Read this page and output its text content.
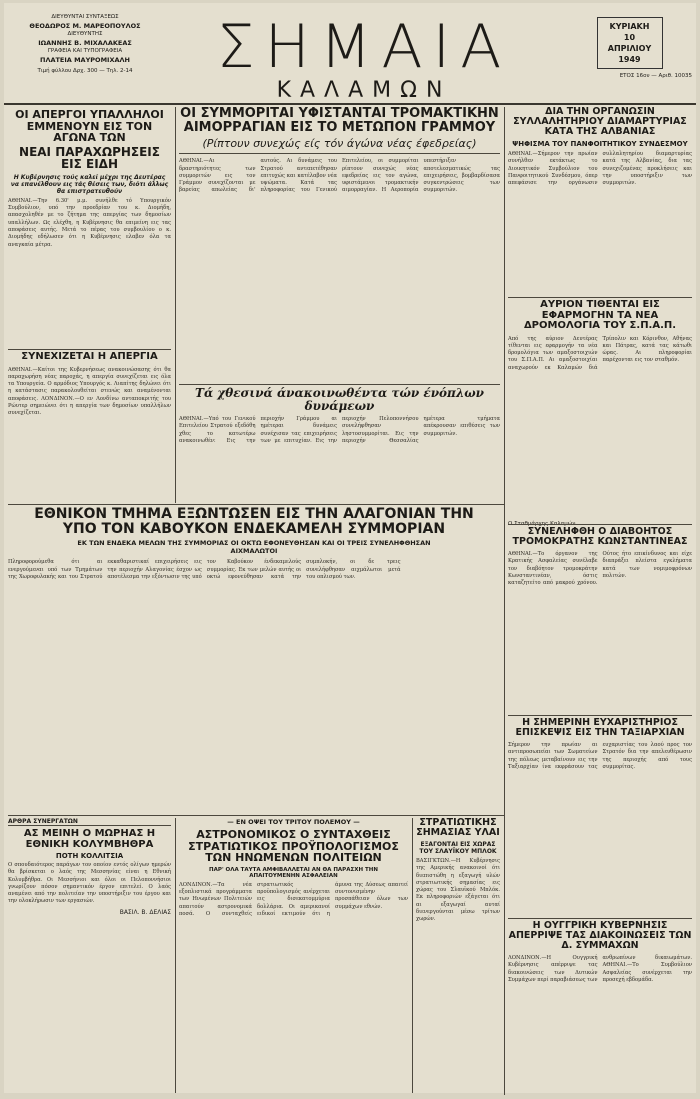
ΔΙΕΥΘΥΝΤΑΙ ΣΥΝΤΑΞΕΩΣ
ΘΕΟΔΩΡΟΣ Μ. ΜΑΡΕΟΠΟΥΛΟΣ
ΔΙΕΥΘΥΝΤΗΣ
ΙΩΑΝΝΗΣ Β. ΜΙΧΑΛΑΚΕΑΣ
ΓΡΑΦΕΙΑ ΚΑΙ ΤΥΠΟΓΡΑΦΕΙΑ
ΠΛΑΤΕΙΑ ΜΑΥΡΟΜΙΧΑΛΗ
Τιμή φύλλου Δρχ. 300 — Τηλ. 2-14	ΣΗΜΑΙΑ
ΚΑΛΑΜΩΝ
ΚΥΡΙΑΚΗ
10
ΑΠΡΙΛΙΟΥ
1949
ΕΤΟΣ 16ον — Αριθ. 10035
ΟΙ ΑΠΕΡΓΟΙ ΥΠΑΛΛΗΛΟΙ ΕΜΜΕΝΟΥΝ ΕΙΣ ΤΟΝ ΑΓΩΝΑ ΤΩΝ
ΝΕΑΙ ΠΑΡΑΧΩΡΗΣΕΙΣ ΕΙΣ ΕΙΔΗ
Η Κυβέρνησις τούς καλεί μέχρι της Δευτέρας να επανέλθουν εις τάς θέσεις των, διότι άλλως θα επιστρατευθούν
ΑΘΗΝΑΙ.—Την 6.30' μ.μ. συνήλθε τό Υπουργικόν Συμβούλιον, υπό την προεδρίαν του κ. Διομήδη, απασχοληθέν με το ζήτημα της απεργίας των δημοσίων υπαλλήλων. Ως ελέχθη, η Κυβέρνησις θα επιμείνη εις τας αποφάσεις αυτής. Μετά το πέρας του συμβουλίου ο κ. Διομήδης εδήλωσεν ότι η Κυβέρνησις ελαβεν όλα τα αναγκαία μέτρα.
ΣΥΝΕΧΙΖΕΤΑΙ Η ΑΠΕΡΓΙΑ
ΑΘΗΝΑΙ.—Καίτοι της Κυβερνήσεως ανακοινώσασης ότι θα παραχωρήση νέας παροχάς, η απεργία συνεχίζεται εις όλα τα Υπουργεία. Ο αρμόδιος Υπουργός κ. Λιαπίτης δηλώνει ότι η κατάστασις παρακολουθείται στενώς και αναμένονται αποφάσεις. ΛΟΝΔΙΝΟΝ.—Ο εν Λονδίνω ανταποκριτής του Ρώυτερ σημειώνει ότι η απεργία των δημοσίων υπαλλήλων συνεχίζεται.
ΟΙ ΣΥΜΜΟΡΙΤΑΙ ΥΦΙΣΤΑΝΤΑΙ ΤΡΟΜΑΚΤΙΚΗΝ ΑΙΜΟΡΡΑΓΙΑΝ ΕΙΣ ΤΟ ΜΕΤΩΠΟΝ ΓΡΑΜΜΟΥ
(Ρίπτουν συνεχώς είς τόν άγώνα νέας έφεδρείας)
ΑΘΗΝΑΙ.—Αι δραστηριότητες των συμμοριτών εις τον Γράμμον συνεχίζονται με βαρείας απωλείας δι' αυτούς. Αι δυνάμεις του Στρατού αντεπετέθησαν επιτυχώς και κατέλαβον νέα υψώματα. Κατά τας πληροφορίας του Γενικού Επιτελείου, οι συμμορίται ρίπτουν συνεχώς νέας εφεδρείας εις τον αγώνα, υφιστάμενοι τρομακτικήν αιμορραγίαν. Η Αεροπορία υπεστήριξεν αποτελεσματικώς τας επιχειρήσεις, βομβαρδίσασα συγκεντρώσεις των συμμοριτών.
Τά χθεσινά άνακοινωθέντα τών ένόπλων δυνάμεων
ΑΘΗΝΑΙ.—Υπό του Γενικού Επιτελείου Στρατού εξεδόθη χθες το κατωτέρω ανακοινωθέν: Εις την περιοχήν Γράμμου αι ημέτεραι δυνάμεις συνέχισαν τας επιχειρήσεις των με επιτυχίαν. Εις την περιοχήν Πελοποννήσου συνελήφθησαν ληστοσυμμορίται. Εις την περιοχήν Θεσσαλίας ημέτερα τμήματα απέκρουσαν επιθέσεις των συμμοριτών.
ΕΘΝΙΚΟΝ ΤΜΗΜΑ ΕΞΩΝΤΩΣΕΝ ΕΙΣ ΤΗΝ ΑΛΑΓΟΝΙΑΝ ΤΗΝ ΥΠΟ ΤΟΝ ΚΑΒΟΥΚΟΝ ΕΝΔΕΚΑΜΕΛΗ ΣΥΜΜΟΡΙΑΝ
ΕΚ ΤΩΝ ΕΝΔΕΚΑ ΜΕΛΩΝ ΤΗΣ ΣΥΜΜΟΡΙΑΣ ΟΙ ΟΚΤΩ ΕΦΟΝΕΥΘΗΣΑΝ ΚΑΙ ΟΙ ΤΡΕΙΣ ΣΥΝΕΛΗΦΘΗΣΑΝ ΑΙΧΜΑΛΩΤΟΙ
Πληροφορούμεθα ότι αι ενεργούμεναι υπό των Τμημάτων της Χωροφυλακής και του Στρατού εκκαθαριστικαί επιχειρήσεις εις την περιοχήν Αλαγονίας έσχον ως αποτέλεσμα την εξόντωσιν της υπό τον Καβούκον ένδεκαμελούς συμμορίας. Εκ των μελών αυτής οι οκτώ εφονεύθησαν κατά την συμπλοκήν, οι δε τρεις συνελήφθησαν αιχμάλωτοι μετά του οπλισμού των.
ΑΡΘΡΑ ΣΥΝΕΡΓΑΤΩΝ
ΑΣ ΜΕΙΝΗ Ο ΜΩΡΗΑΣ Η ΕΘΝΙΚΗ ΚΟΛΥΜΒΗΘΡΑ
ΠΟΤΗ ΚΟΛΛΙΤΣΙΑ
Ο σπουδαιότερος παράγων τον οποίον εντός ολίγων ημερών θα βρίσκεται ο λαός της Μεσσηνίας είναι η Εθνική Κολυμβήθρα. Οι Μεσσήνιοι και όλοι οι Πελοποννήσιοι γνωρίζουν πόσον σημαντικόν έργον επιτελεί. Ο λαός αναμένει από την πολιτείαν την υποστήριξιν του έργου και την ολοκλήρωσιν των εργασιών.
ΒΑΣΙΛ. Β. ΔΕΛΙΑΣ
— ΕΝ ΟΨΕΙ ΤΟΥ ΤΡΙΤΟΥ ΠΟΛΕΜΟΥ —
ΑΣΤΡΟΝΟΜΙΚΟΣ Ο ΣΥΝΤΑΧΘΕΙΣ ΣΤΡΑΤΙΩΤΙΚΟΣ ΠΡΟΫΠΟΛΟΓΙΣΜΟΣ ΤΩΝ ΗΝΩΜΕΝΩΝ ΠΟΛΙΤΕΙΩΝ
ΠΑΡ' ΟΛΑ ΤΑΥΤΑ ΑΜΦΙΒΑΛΛΕΤΑΙ ΑΝ ΘΑ ΠΑΡΑΣΧΗ ΤΗΝ ΑΠΑΙΤΟΥΜΕΝΗΝ ΑΣΦΑΛΕΙΑΝ
ΛΟΝΔΙΝΟΝ.—Τα νέα εξοπλιστικά προγράμματα των Ηνωμένων Πολιτειών απαιτούν αστρονομικά ποσά. Ο συνταχθείς στρατιωτικός προϋπολογισμός ανέρχεται εις δισεκατομμύρια δολλάρια. Οι αμερικανοί ειδικοί εκτιμούν ότι η άμυνα της Δύσεως απαιτεί συντονισμένην προσπάθειαν όλων των συμμάχων εθνών.
ΣΤΡΑΤΙΩΤΙΚΗΣ ΣΗΜΑΣΙΑΣ ΥΛΑΙ
ΕΞΑΓΟΝΤΑΙ ΕΙΣ ΧΩΡΑΣ ΤΟΥ ΣΛΑΥΪΚΟΥ ΜΠΛΟΚ
ΒΑΣΙΓΚΤΩΝ.—Η Κυβέρνησις της Αμερικής ανακοινοί ότι διεπιστώθη η εξαγωγή υλών στρατιωτικής σημασίας εις χώρας του Σλαυϊκού Μπλόκ. Εκ πληροφοριών εξάγεται ότι αι εξαγωγαί αυταί διενεργούνται μέσω τρίτων χωρών.
ΔΙΑ ΤΗΝ ΟΡΓΑΝΩΣΙΝ ΣΥΛΛΑΛΗΤΗΡΙΟΥ ΔΙΑΜΑΡΤΥΡΙΑΣ ΚΑΤΑ ΤΗΣ ΑΛΒΑΝΙΑΣ
ΨΗΦΙΣΜΑ ΤΟΥ ΠΑΝΦΟΙΤΗΤΙΚΟΥ ΣΥΝΔΕΣΜΟΥ
ΑΘΗΝΑΙ.—Σήμερον την πρωίαν συνήλθεν εκτάκτως το Διοικητικόν Συμβούλιον του Πανφοιτητικού Συνδέσμου, όπερ απεφάσισε την οργάνωσιν συλλαλητηρίου διαμαρτυρίας κατά της Αλβανίας, δια τας συνεχιζομένας προκλήσεις και την υποστήριξιν των συμμοριτών.
ΑΥΡΙΟΝ ΤΙΘΕΝΤΑΙ ΕΙΣ ΕΦΑΡΜΟΓΗΝ ΤΑ ΝΕΑ ΔΡΟΜΟΛΟΓΙΑ ΤΟΥ Σ.Π.Α.Π.
Από της αύριον Δευτέρας τίθενται εις εφαρμογήν τα νέα δρομολόγια των αμαξοστοιχιών του Σ.Π.Α.Π. Αι αμαξοστοιχίαι αναχωρούν εκ Καλαμών διά Τρίπολιν και Κόρινθον, Αθήνας και Πάτρας, κατά τας κάτωθι ώρας. Αι πληροφορίαι παρέχονται εις τον σταθμόν.
ΣΥΝΕΛΗΦΘΗ Ο ΔΙΑΒΟΗΤΟΣ ΤΡΟΜΟΚΡΑΤΗΣ ΚΩΝΣΤΑΝΤΙΝΕΑΣ
ΑΘΗΝΑΙ.—Το όργανον της Κρατικής Ασφαλείας συνέλαβε τον διαβόητον τρομοκράτην Κωνσταντινέαν, όστις καταζητείτο από μακρού χρόνου. Ούτος ήτο επικίνδυνος και είχε διαπράξει πλείστα εγκλήματα κατά των νομιμοφρόνων πολιτών.
Η ΣΗΜΕΡΙΝΗ ΕΥΧΑΡΙΣΤΗΡΙΟΣ ΕΠΙΣΚΕΨΙΣ ΕΙΣ ΤΗΝ ΤΑΞΙΑΡΧΙΑΝ
Σήμερον την πρωίαν αι αντιπροσωπείαι των Σωματείων της πόλεως μεταβαίνουν εις την Ταξιαρχίαν ίνα εκφράσουν τας ευχαριστίας του λαού προς τον Στρατόν δια την απελευθέρωσιν της περιοχής από τους συμμορίτας.
Η ΟΥΓΓΡΙΚΗ ΚΥΒΕΡΝΗΣΙΣ ΑΠΕΡΡΙΨΕ ΤΑΣ ΔΙΑΚΟΙΝΩΣΕΙΣ ΤΩΝ Δ. ΣΥΜΜΑΧΩΝ
ΛΟΝΔΙΝΟΝ.—Η Ουγγρική Κυβέρνησις απέρριψε τας διακοινώσεις των Δυτικών Συμμάχων περί παραβιάσεως των ανθρωπίνων δικαιωμάτων. ΑΘΗΝΑΙ.—Το Συμβούλιον Ασφαλείας συνέρχεται την προσεχή εβδομάδα.
